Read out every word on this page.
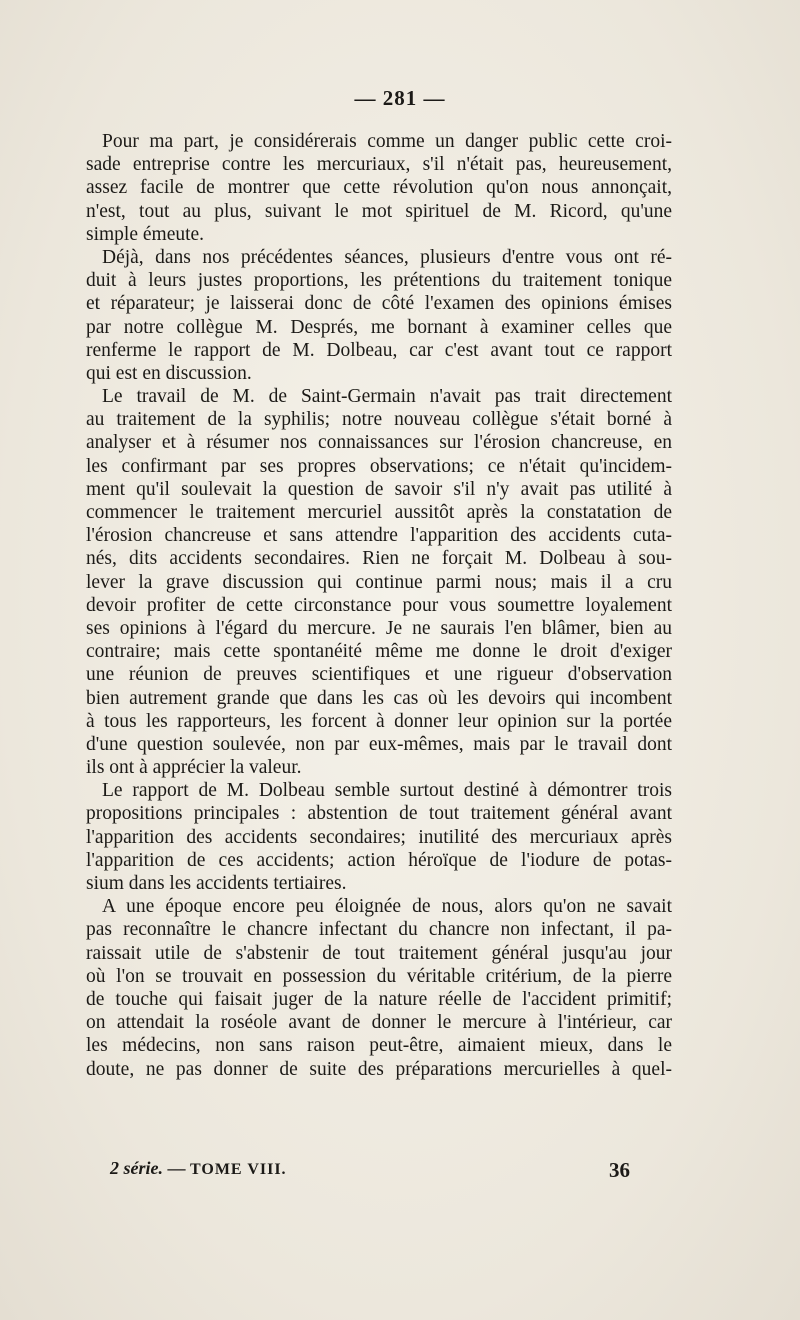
— 281 —

Pour ma part, je considérerais comme un danger public cette croi-
sade entreprise contre les mercuriaux, s'il n'était pas, heureusement,
assez facile de montrer que cette révolution qu'on nous annonçait,
n'est, tout au plus, suivant le mot spirituel de M. Ricord, qu'une
simple émeute.

Déjà, dans nos précédentes séances, plusieurs d'entre vous ont ré-
duit à leurs justes proportions, les prétentions du traitement tonique
et réparateur; je laisserai donc de côté l'examen des opinions émises
par notre collègue M. Després, me bornant à examiner celles que
renferme le rapport de M. Dolbeau, car c'est avant tout ce rapport
qui est en discussion.

Le travail de M. de Saint-Germain n'avait pas trait directement
au traitement de la syphilis; notre nouveau collègue s'était borné à
analyser et à résumer nos connaissances sur l'érosion chancreuse, en
les confirmant par ses propres observations; ce n'était qu'incidem-
ment qu'il soulevait la question de savoir s'il n'y avait pas utilité à
commencer le traitement mercuriel aussitôt après la constatation de
l'érosion chancreuse et sans attendre l'apparition des accidents cuta-
nés, dits accidents secondaires. Rien ne forçait M. Dolbeau à sou-
lever la grave discussion qui continue parmi nous; mais il a cru
devoir profiter de cette circonstance pour vous soumettre loyalement
ses opinions à l'égard du mercure. Je ne saurais l'en blâmer, bien au
contraire; mais cette spontanéité même me donne le droit d'exiger
une réunion de preuves scientifiques et une rigueur d'observation
bien autrement grande que dans les cas où les devoirs qui incombent
à tous les rapporteurs, les forcent à donner leur opinion sur la portée
d'une question soulevée, non par eux-mêmes, mais par le travail dont
ils ont à apprécier la valeur.

Le rapport de M. Dolbeau semble surtout destiné à démontrer trois
propositions principales : abstention de tout traitement général avant
l'apparition des accidents secondaires; inutilité des mercuriaux après
l'apparition de ces accidents; action héroïque de l'iodure de potas-
sium dans les accidents tertiaires.

A une époque encore peu éloignée de nous, alors qu'on ne savait
pas reconnaître le chancre infectant du chancre non infectant, il pa-
raissait utile de s'abstenir de tout traitement général jusqu'au jour
où l'on se trouvait en possession du véritable critérium, de la pierre
de touche qui faisait juger de la nature réelle de l'accident primitif;
on attendait la roséole avant de donner le mercure à l'intérieur, car
les médecins, non sans raison peut-être, aimaient mieux, dans le
doute, ne pas donner de suite des préparations mercurielles à quel-

2 série. — TOME VIII.	36
